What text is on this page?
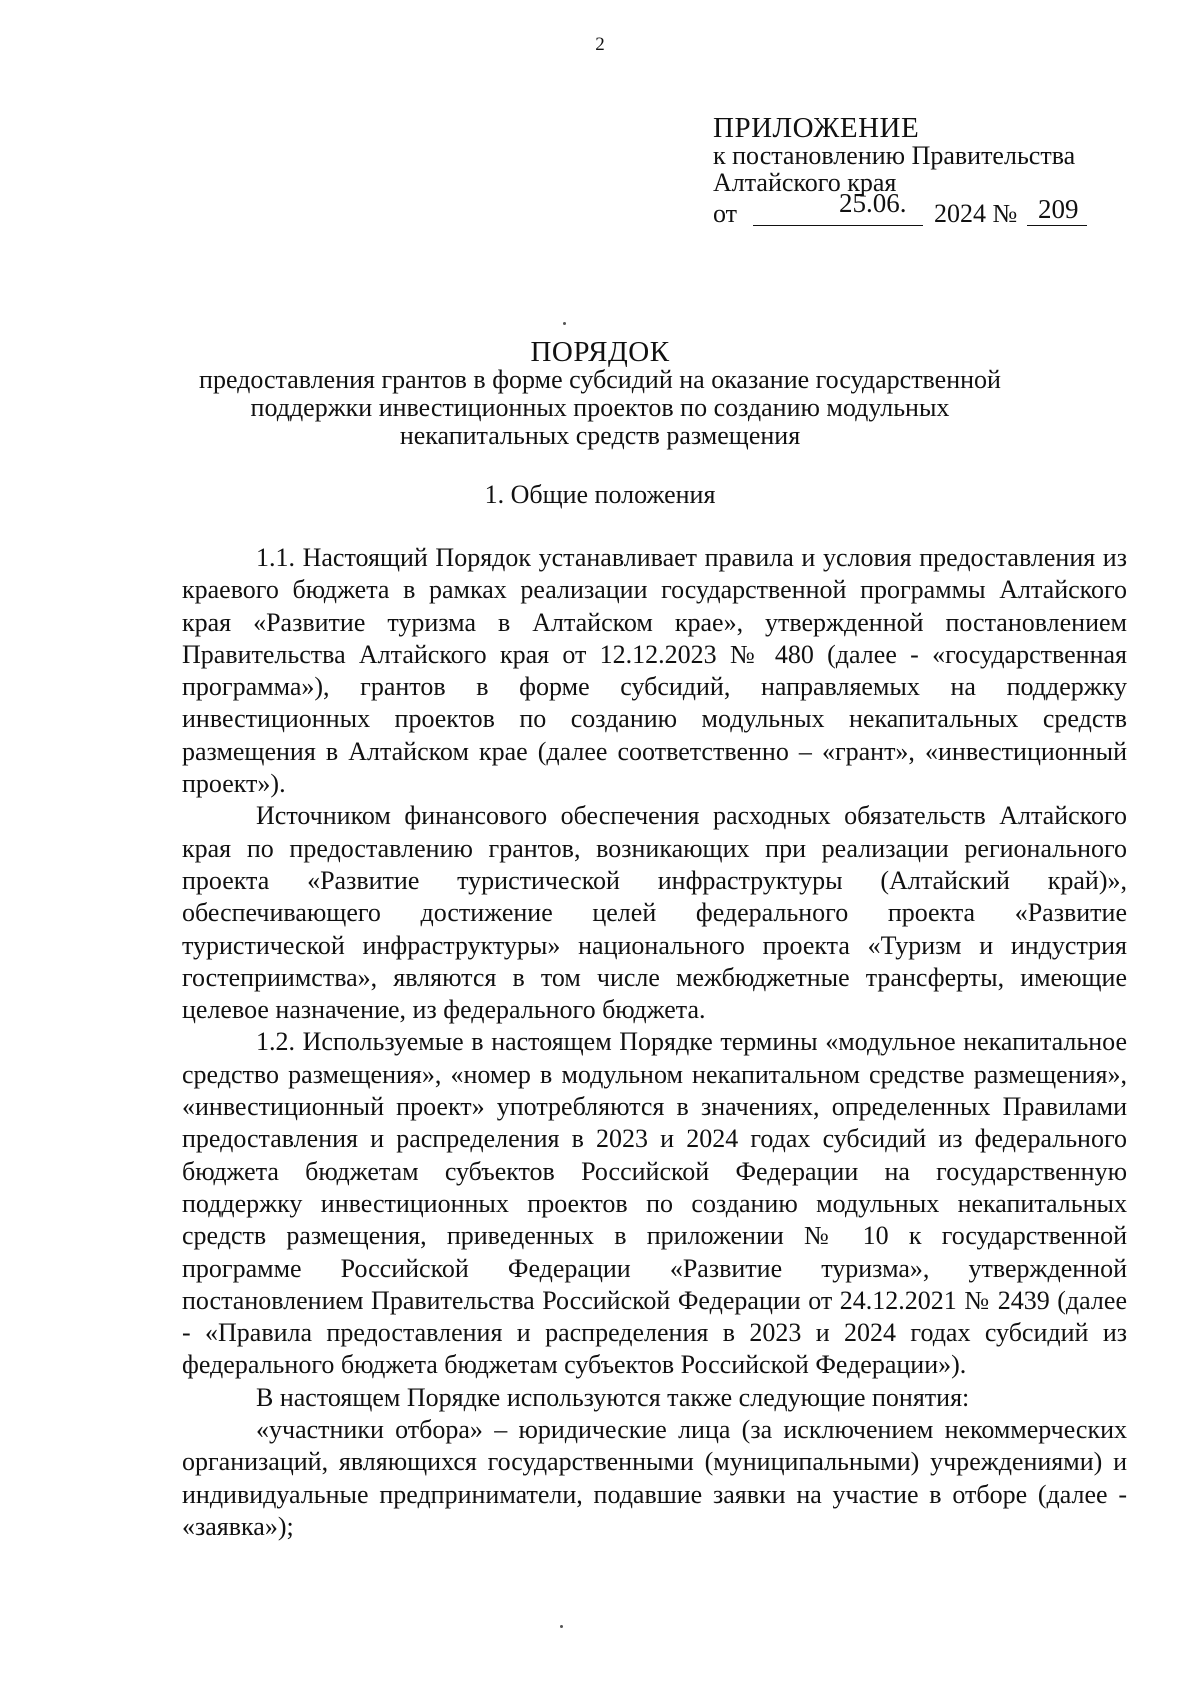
2
ПРИЛОЖЕНИЕ
к постановлению Правительства
Алтайского края
от	25.06. 2024 № 209
ПОРЯДОК
предоставления грантов в форме субсидий на оказание государственной
поддержки инвестиционных проектов по созданию модульных
некапитальных средств размещения
1. Общие положения

1.1. Настоящий Порядок устанавливает правила и условия предоставления из краевого бюджета в рамках реализации государственной программы Алтайского края «Развитие туризма в Алтайском крае», утвержденной постановлением Правительства Алтайского края от 12.12.2023 № 480 (далее - «государственная программа»), грантов в форме субсидий, направляемых на поддержку инвестиционных проектов по созданию модульных некапитальных средств размещения в Алтайском крае (далее соответственно – «грант», «инвестиционный проект»).

Источником финансового обеспечения расходных обязательств Алтайского края по предоставлению грантов, возникающих при реализации регионального проекта «Развитие туристической инфраструктуры (Алтайский край)», обеспечивающего достижение целей федерального проекта «Развитие туристической инфраструктуры» национального проекта «Туризм и индустрия гостеприимства», являются в том числе межбюджетные трансферты, имеющие целевое назначение, из федерального бюджета.

1.2. Используемые в настоящем Порядке термины «модульное некапитальное средство размещения», «номер в модульном некапитальном средстве размещения», «инвестиционный проект» употребляются в значениях, определенных Правилами предоставления и распределения в 2023 и 2024 годах субсидий из федерального бюджета бюджетам субъектов Российской Федерации на государственную поддержку инвестиционных проектов по созданию модульных некапитальных средств размещения, приведенных в приложении № 10 к государственной программе Российской Федерации «Развитие туризма», утвержденной постановлением Правительства Российской Федерации от 24.12.2021 № 2439 (далее - «Правила предоставления и распределения в 2023 и 2024 годах субсидий из федерального бюджета бюджетам субъектов Российской Федерации»).

В настоящем Порядке используются также следующие понятия:

«участники отбора» – юридические лица (за исключением некоммерческих организаций, являющихся государственными (муниципальными) учреждениями) и индивидуальные предприниматели, подавшие заявки на участие в отборе (далее - «заявка»);
